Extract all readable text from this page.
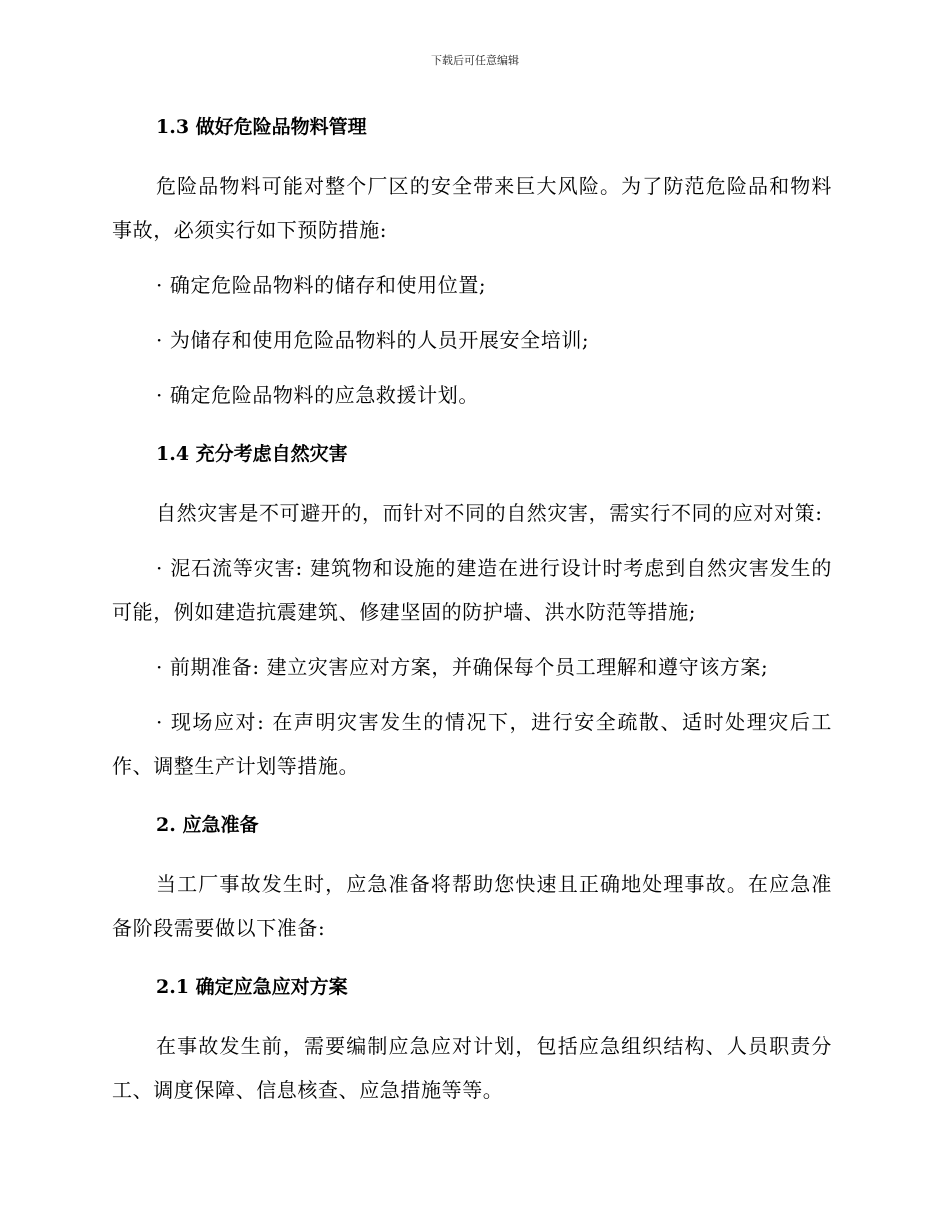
下载后可任意编辑
1.3 做好危险品物料管理

危险品物料可能对整个厂区的安全带来巨大风险。为了防范危险品和物料事故，必须实行如下预防措施:

· 确定危险品物料的储存和使用位置;

· 为储存和使用危险品物料的人员开展安全培训;

· 确定危险品物料的应急救援计划。

1.4 充分考虑自然灾害

自然灾害是不可避开的，而针对不同的自然灾害，需实行不同的应对对策:

· 泥石流等灾害: 建筑物和设施的建造在进行设计时考虑到自然灾害发生的可能，例如建造抗震建筑、修建坚固的防护墙、洪水防范等措施;

· 前期准备: 建立灾害应对方案，并确保每个员工理解和遵守该方案;

· 现场应对: 在声明灾害发生的情况下，进行安全疏散、适时处理灾后工作、调整生产计划等措施。

2. 应急准备

当工厂事故发生时，应急准备将帮助您快速且正确地处理事故。在应急准备阶段需要做以下准备:

2.1 确定应急应对方案

在事故发生前，需要编制应急应对计划，包括应急组织结构、人员职责分工、调度保障、信息核查、应急措施等等。
